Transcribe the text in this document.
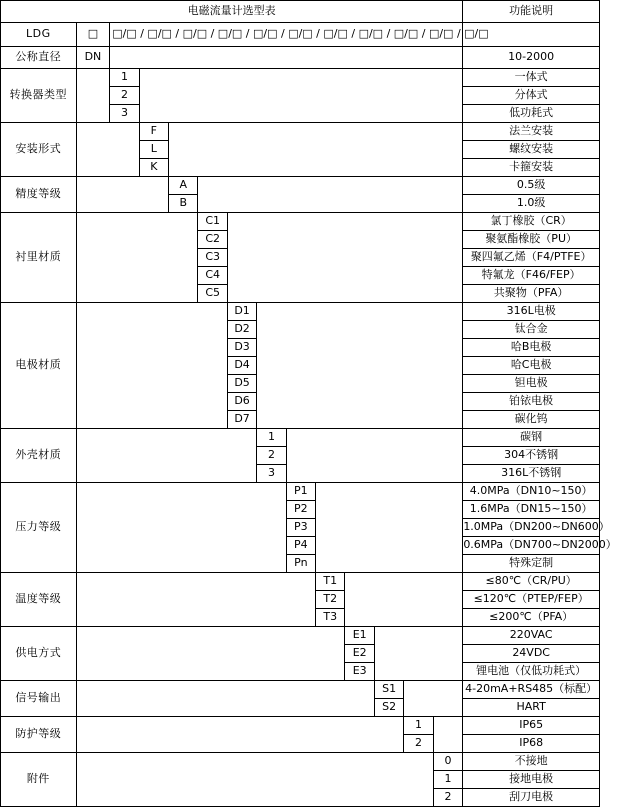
电磁流量计选型表														功能说明
LDG	□	□/□ / □/□ / □/□ / □/□ / □/□ / □/□ / □/□ / □/□ / □/□ / □/□ / □/□												

公称直径	DN													10-2000
转换器类型		1												一体式
		2												分体式
		3												低功耗式
安装形式			F											法兰安装
			L											螺纹安装
			K											卡箍安装
精度等级				A										0.5级
				B										1.0级
衬里材质					C1									氯丁橡胶（CR）
					C2									聚氨酯橡胶（PU）
					C3									聚四氟乙烯（F4/PTFE）
					C4									特氟龙（F46/FEP）
					C5									共聚物（PFA）
电极材质						D1								316L电极
						D2								钛合金
						D3								哈B电极
						D4								哈C电极
						D5								钽电极
						D6								铂铱电极
						D7								碳化钨
外壳材质							1							碳钢
							2							304不锈钢
							3							316L不锈钢
压力等级								P1						4.0MPa（DN10~150）
								P2						1.6MPa（DN15~150）
								P3						1.0MPa（DN200~DN600）
								P4						0.6MPa（DN700~DN2000）
								Pn						特殊定制
温度等级									T1					≤80℃（CR/PU）
									T2					≤120℃（PTEP/FEP）
									T3					≤200℃（PFA）
供电方式										E1				220VAC
										E2				24VDC
										E3				锂电池（仅低功耗式）
信号输出											S1			4-20mA+RS485（标配）
											S2			HART
防护等级												1		IP65
												2		IP68
附件													0	不接地
													1	接地电极
													2	刮刀电极
